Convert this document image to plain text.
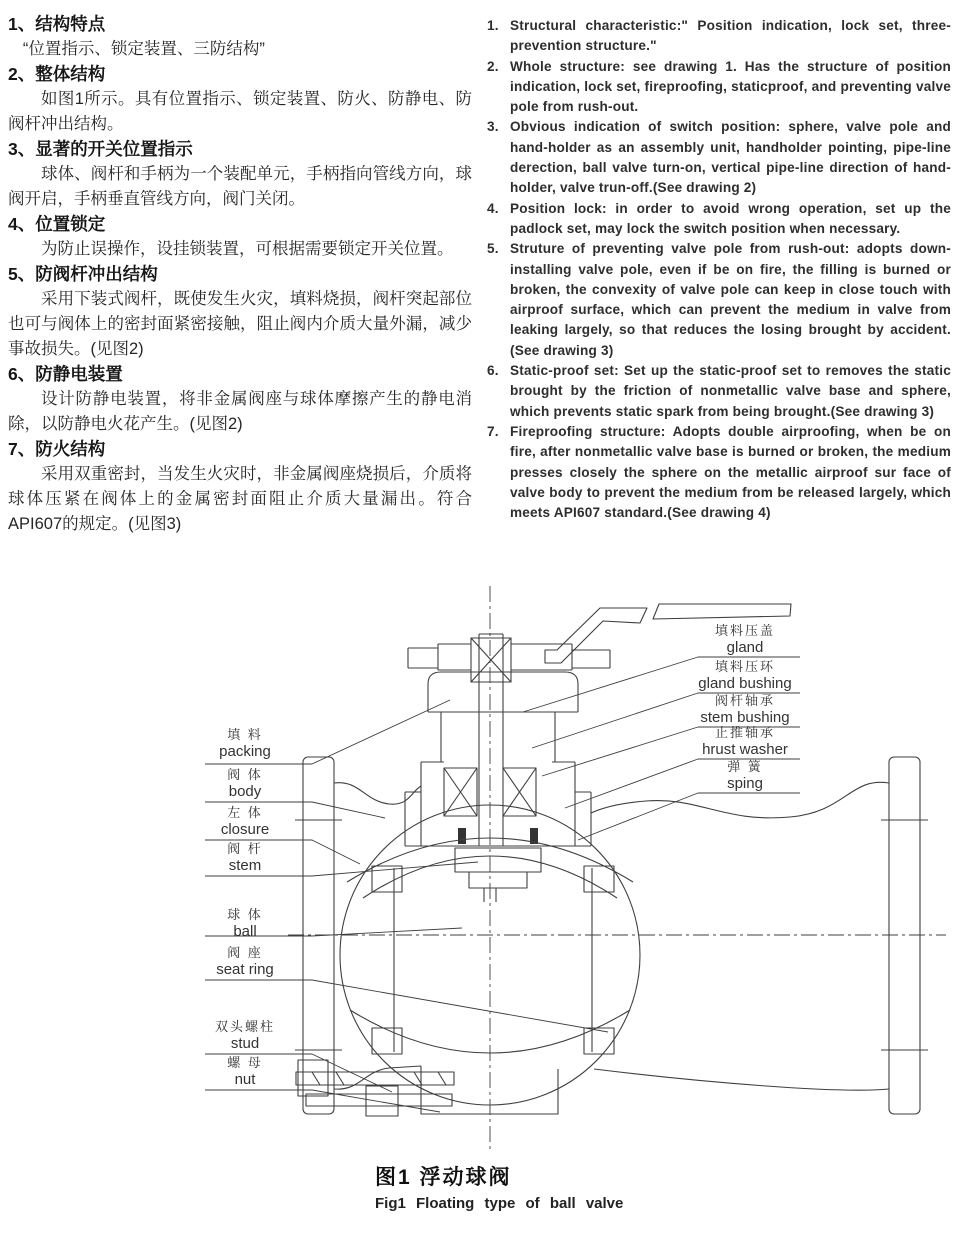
1、结构特点
“位置指示、锁定装置、三防结构”
2、整体结构
如图1所示。具有位置指示、锁定装置、防火、防静电、防阀杆冲出结构。
3、显著的开关位置指示
球体、阀杆和手柄为一个装配单元，手柄指向管线方向，球阀开启，手柄垂直管线方向，阀门关闭。
4、位置锁定
为防止误操作，设挂锁装置，可根据需要锁定开关位置。
5、防阀杆冲出结构
采用下装式阀杆，既使发生火灾，填料烧损，阀杆突起部位也可与阀体上的密封面紧密接触，阻止阀内介质大量外漏，减少事故损失。(见图2)
6、防静电装置
设计防静电装置，将非金属阀座与球体摩擦产生的静电消除，以防静电火花产生。(见图2)
7、防火结构
采用双重密封，当发生火灾时，非金属阀座烧损后，介质将球体压紧在阀体上的金属密封面阻止介质大量漏出。符合API607的规定。(见图3)
1. Structural characteristic:" Position indication, lock set, three-prevention structure."
2. Whole structure: see drawing 1. Has the structure of position indication, lock set, fireproofing, staticproof, and preventing valve pole from rush-out.
3. Obvious indication of switch position: sphere, valve pole and hand-holder as an assembly unit, handholder pointing, pipe-line derection, ball valve turn-on, vertical pipe-line direction of hand-holder, valve trun-off.(See drawing 2)
4. Position lock: in order to avoid wrong operation, set up the padlock set, may lock the switch position when necessary.
5. Struture of preventing valve pole from rush-out: adopts down-installing valve pole, even if be on fire, the filling is burned or broken, the convexity of valve pole can keep in close touch with airproof surface, which can prevent the medium in valve from leaking largely, so that reduces the losing brought by accident.(See drawing 3)
6. Static-proof set: Set up the static-proof set to removes the static brought by the friction of nonmetallic valve base and sphere, which prevents static spark from being brought.(See drawing 3)
7. Fireproofing structure: Adopts double airproofing, when be on fire, after nonmetallic valve base is burned or broken, the medium presses closely the sphere on the metallic airproof sur face of valve body to prevent the medium from be released largely, which meets API607 standard.(See drawing 4)
填 料
packing
阀 体
body
左 体
closure
阀 杆
stem
球 体
ball
阀 座
seat ring
双头螺柱
stud
螺 母
nut
填料压盖
gland
填料压环
gland bushing
阀杆轴承
stem bushing
止推轴承
hrust washer
弹 簧
sping
图1 浮动球阀
Fig1 Floating type of ball valve
